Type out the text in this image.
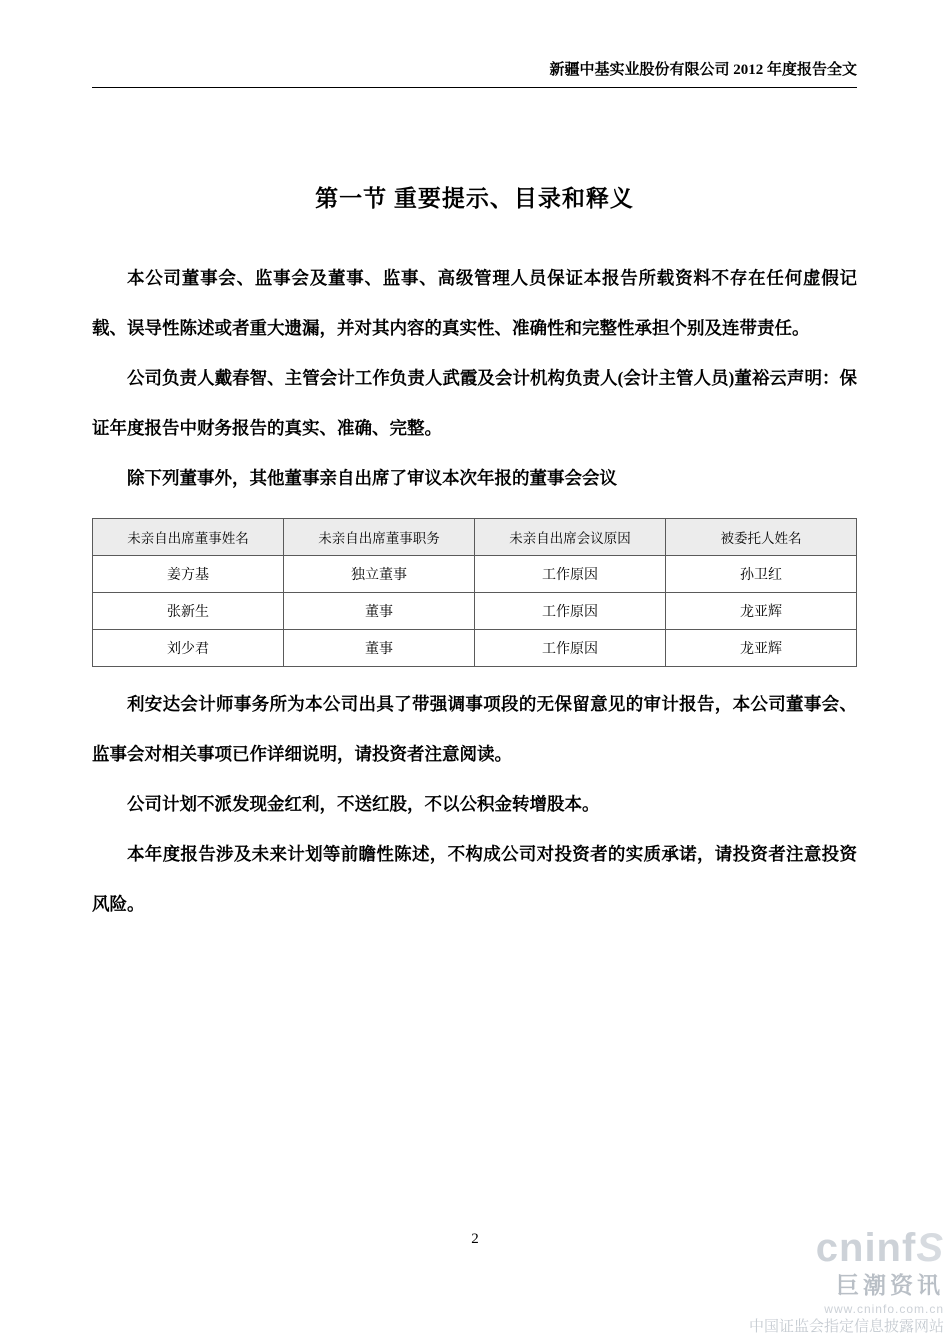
新疆中基实业股份有限公司 2012 年度报告全文
第一节 重要提示、目录和释义

本公司董事会、监事会及董事、监事、高级管理人员保证本报告所载资料不存在任何虚假记载、误导性陈述或者重大遗漏，并对其内容的真实性、准确性和完整性承担个别及连带责任。

公司负责人戴春智、主管会计工作负责人武霞及会计机构负责人(会计主管人员)董裕云声明：保证年度报告中财务报告的真实、准确、完整。

除下列董事外，其他董事亲自出席了审议本次年报的董事会会议

未亲自出席董事姓名	未亲自出席董事职务	未亲自出席会议原因	被委托人姓名
姜方基	独立董事	工作原因	孙卫红
张新生	董事	工作原因	龙亚辉
刘少君	董事	工作原因	龙亚辉

利安达会计师事务所为本公司出具了带强调事项段的无保留意见的审计报告，本公司董事会、监事会对相关事项已作详细说明，请投资者注意阅读。

公司计划不派发现金红利，不送红股，不以公积金转增股本。

本年度报告涉及未来计划等前瞻性陈述，不构成公司对投资者的实质承诺，请投资者注意投资风险。

2	cninfS
巨潮资讯
www.cninfo.com.cn
中国证监会指定信息披露网站
